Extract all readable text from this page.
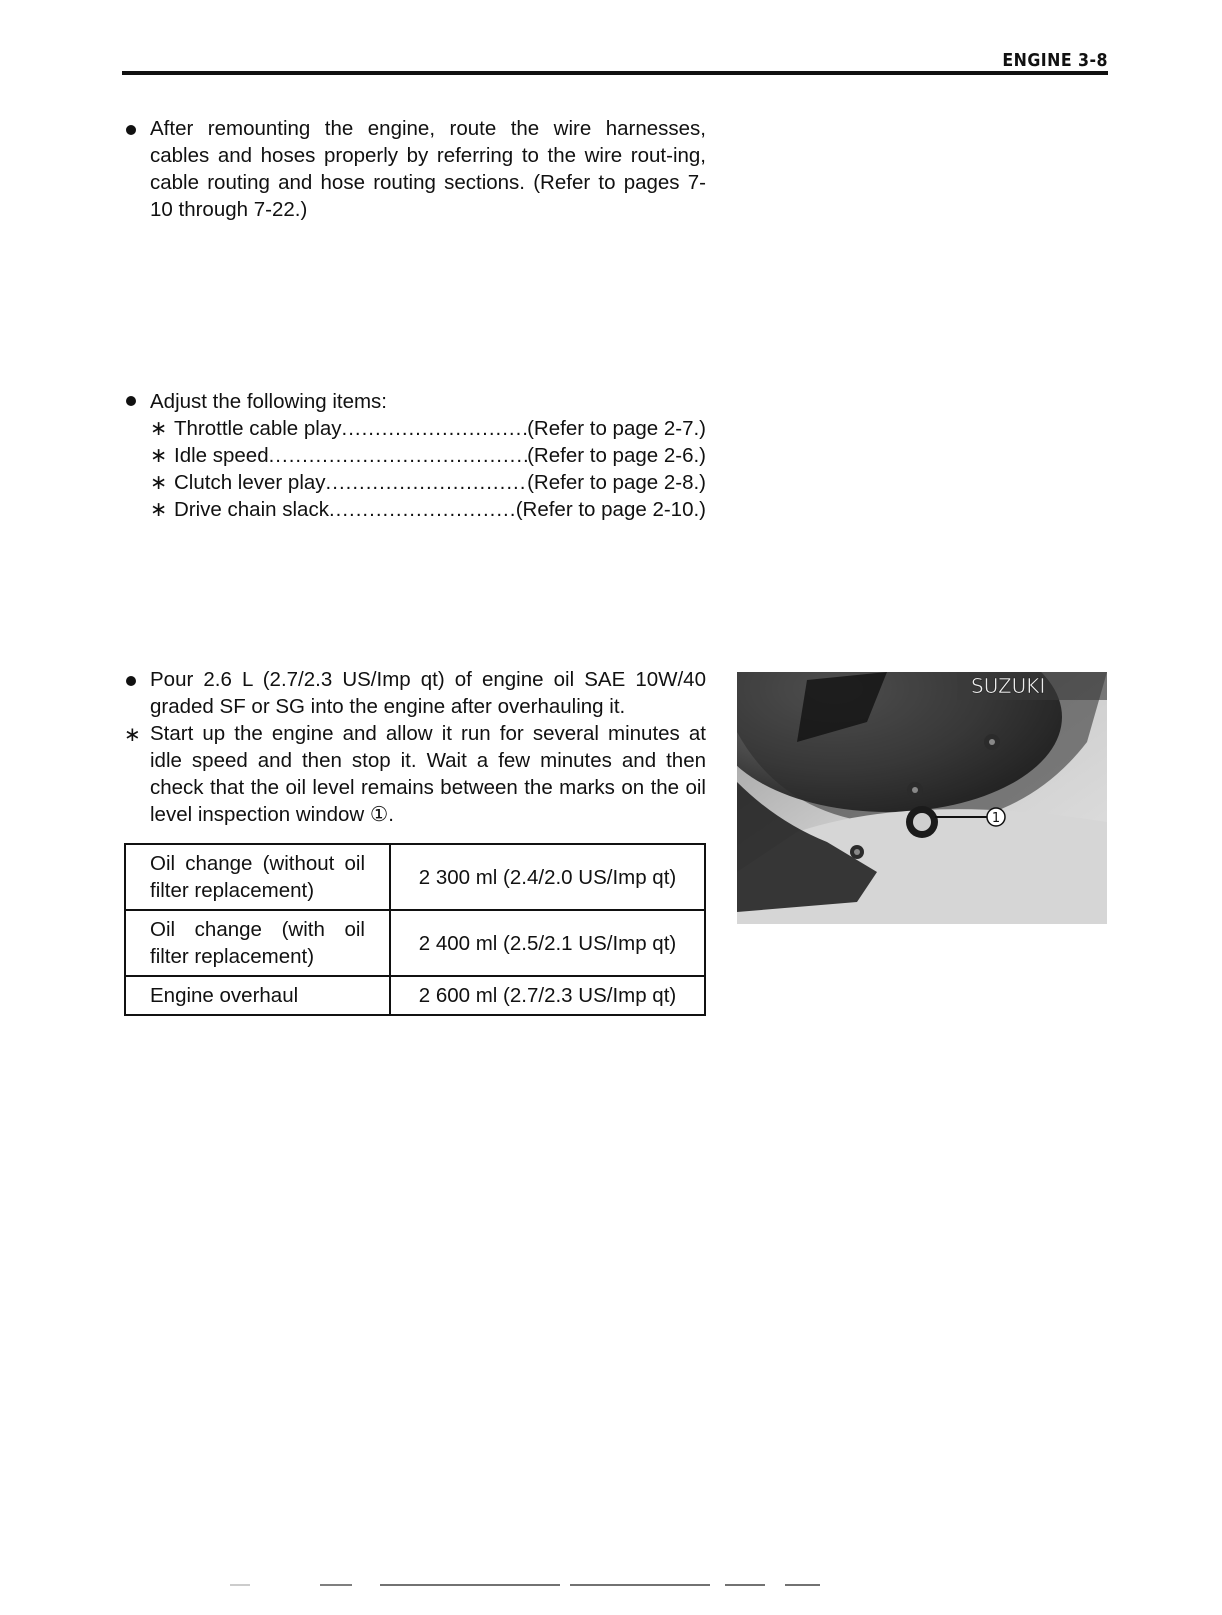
ENGINE 3-8
After remounting the engine, route the wire harnesses, cables and hoses properly by referring to the wire rout-ing, cable routing and hose routing sections. (Refer to pages 7-10 through 7-22.)
Adjust the following items:
∗ Throttle cable play .....	(Refer to page 2-7.)
∗ Idle speed .....	(Refer to page 2-6.)
∗ Clutch lever play .....	(Refer to page 2-8.)
∗ Drive chain slack .....	(Refer to page 2-10.)
Pour 2.6 L (2.7/2.3 US/Imp qt) of engine oil SAE 10W/40 graded SF or SG into the engine after overhauling it.
∗ Start up the engine and allow it run for several minutes at idle speed and then stop it. Wait a few minutes and then check that the oil level remains between the marks on the oil level inspection window ①.
Oil change (without oil filter replacement)	2 300 ml (2.4/2.0 US/Imp qt)
Oil change (with oil filter replacement)	2 400 ml (2.5/2.1 US/Imp qt)
Engine overhaul	2 600 ml (2.7/2.3 US/Imp qt)
SUZUKI
1
